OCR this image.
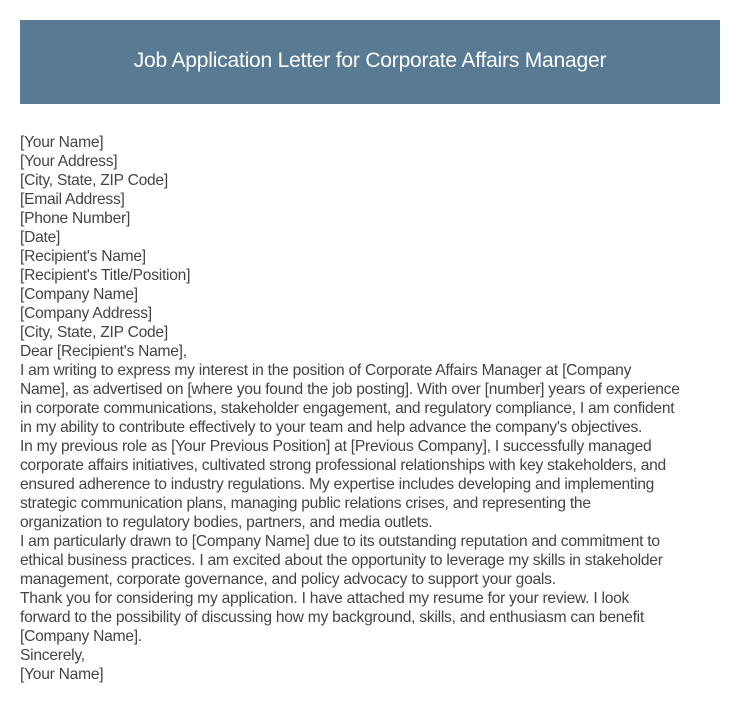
Job Application Letter for Corporate Affairs Manager
[Your Name]
[Your Address]
[City, State, ZIP Code]
[Email Address]
[Phone Number]
[Date]
[Recipient's Name]
[Recipient's Title/Position]
[Company Name]
[Company Address]
[City, State, ZIP Code]
Dear [Recipient's Name],
I am writing to express my interest in the position of Corporate Affairs Manager at [Company
Name], as advertised on [where you found the job posting]. With over [number] years of experience
in corporate communications, stakeholder engagement, and regulatory compliance, I am confident
in my ability to contribute effectively to your team and help advance the company's objectives.
In my previous role as [Your Previous Position] at [Previous Company], I successfully managed
corporate affairs initiatives, cultivated strong professional relationships with key stakeholders, and
ensured adherence to industry regulations. My expertise includes developing and implementing
strategic communication plans, managing public relations crises, and representing the
organization to regulatory bodies, partners, and media outlets.
I am particularly drawn to [Company Name] due to its outstanding reputation and commitment to
ethical business practices. I am excited about the opportunity to leverage my skills in stakeholder
management, corporate governance, and policy advocacy to support your goals.
Thank you for considering my application. I have attached my resume for your review. I look
forward to the possibility of discussing how my background, skills, and enthusiasm can benefit
[Company Name].
Sincerely,
[Your Name]
